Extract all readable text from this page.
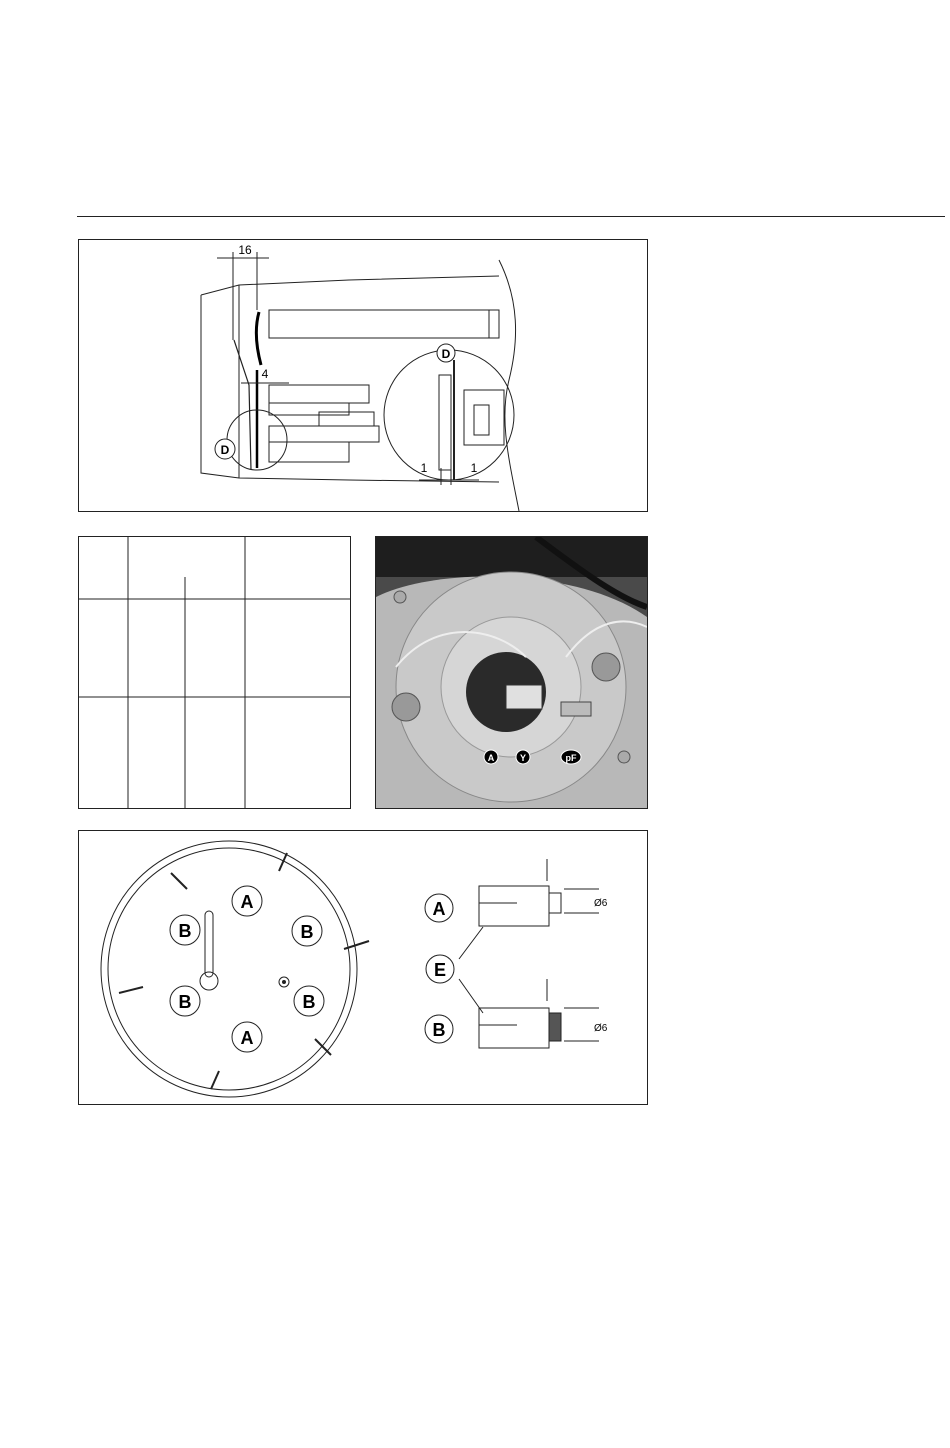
D
D
16
4
1	1
A	Y	pF
A
B	B
B	B
A
A
E
B
Ø6
Ø6
